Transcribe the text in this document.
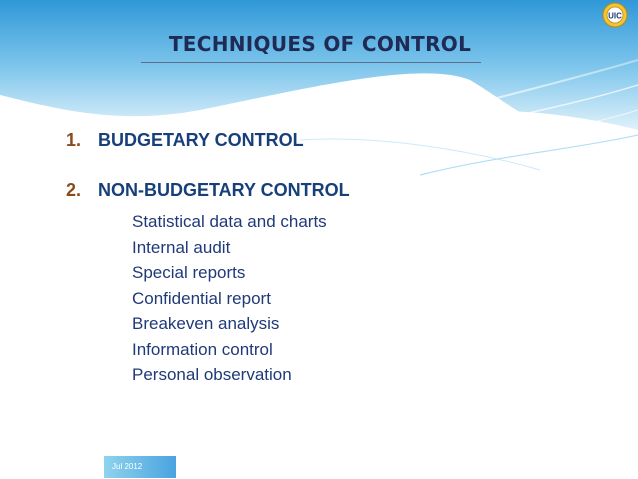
UIC
TECHNIQUES OF CONTROL
1. BUDGETARY CONTROL
2. NON-BUDGETARY CONTROL
Statistical data and charts
Internal audit
Special reports
Confidential report
Breakeven analysis
Information control
Personal observation
Jul 2012
